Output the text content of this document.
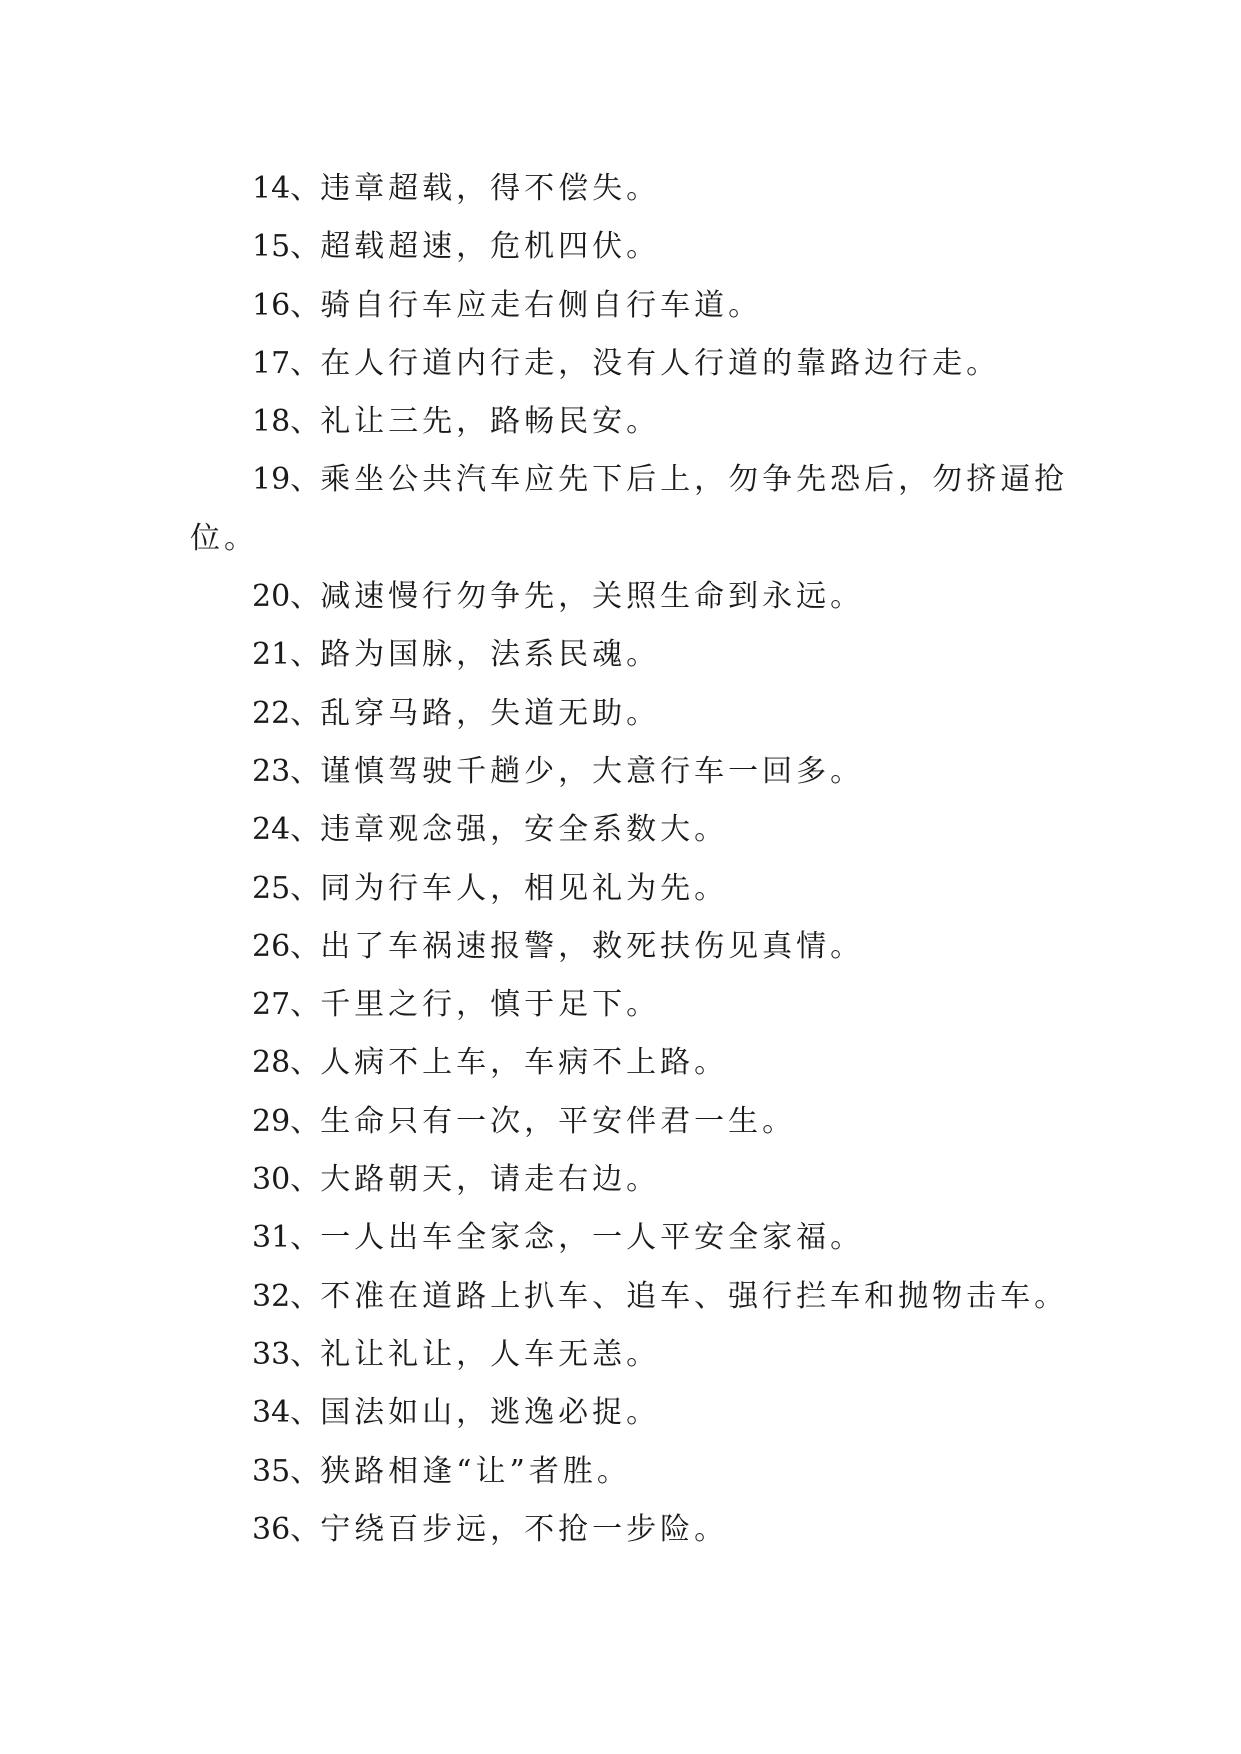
14、违章超载，得不偿失。
15、超载超速，危机四伏。
16、骑自行车应走右侧自行车道。
17、在人行道内行走，没有人行道的靠路边行走。
18、礼让三先，路畅民安。
19、乘坐公共汽车应先下后上，勿争先恐后，勿挤逼抢
位。
20、减速慢行勿争先，关照生命到永远。
21、路为国脉，法系民魂。
22、乱穿马路，失道无助。
23、谨慎驾驶千趟少，大意行车一回多。
24、违章观念强，安全系数大。
25、同为行车人，相见礼为先。
26、出了车祸速报警，救死扶伤见真情。
27、千里之行，慎于足下。
28、人病不上车，车病不上路。
29、生命只有一次，平安伴君一生。
30、大路朝天，请走右边。
31、一人出车全家念，一人平安全家福。
32、不准在道路上扒车、追车、强行拦车和抛物击车。
33、礼让礼让，人车无恙。
34、国法如山，逃逸必捉。
35、狭路相逢“让”者胜。
36、宁绕百步远，不抢一步险。
